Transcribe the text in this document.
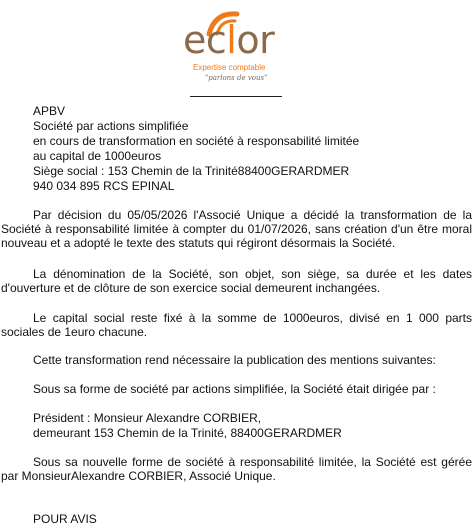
eclor
Expertise comptable
"parlons de vous"
APBV
Société par actions simplifiée
en cours de transformation en société à responsabilité limitée
au capital de 1000euros
Siège social : 153 Chemin de la Trinité88400GERARDMER
940 034 895 RCS EPINAL
Par décision du 05/05/2026 l'Associé Unique a décidé la transformation de la Société à responsabilité limitée à compter du 01/07/2026, sans création d'un être moral nouveau et a adopté le texte des statuts qui régiront désormais la Société.
La dénomination de la Société, son objet, son siège, sa durée et les dates d'ouverture et de clôture de son exercice social demeurent inchangées.
Le capital social reste fixé à la somme de 1000euros, divisé en 1 000 parts sociales de 1euro chacune.
Cette transformation rend nécessaire la publication des mentions suivantes:
Sous sa forme de société par actions simplifiée, la Société était dirigée par :
Président : Monsieur Alexandre CORBIER,
demeurant 153 Chemin de la Trinité, 88400GERARDMER
Sous sa nouvelle forme de société à responsabilité limitée, la Société est gérée par MonsieurAlexandre CORBIER, Associé Unique.
POUR AVIS
